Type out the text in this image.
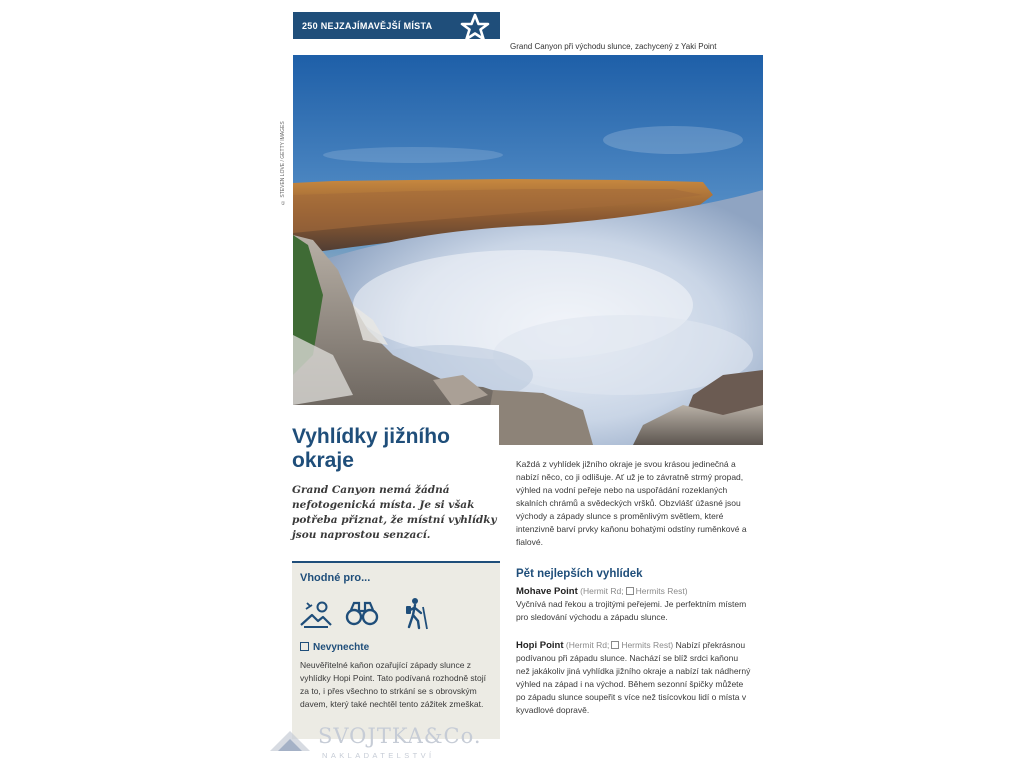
250 NEJZAJÍMAVĚJŠÍ MÍSTA
Grand Canyon při východu slunce, zachycený z Yaki Point
© STEVEN LOVE / GETTY IMAGES
Vyhlídky jižního okraje
Grand Canyon nemá žádná nefotogenická místa. Je si však potřeba přiznat, že místní vyhlídky jsou naprostou senzací.
Vhodné pro...
Nevynechte
Neuvěřitelné kaňon ozařující západy slunce z vyhlídky Hopi Point. Tato podívaná rozhodně stojí za to, i přes všechno to strkání se s obrovským davem, který také nechtěl tento zážitek zmeškat.
Každá z vyhlídek jižního okraje je svou krásou jedinečná a nabízí něco, co ji odlišuje. Ať už je to závratně strmý propad, výhled na vodní peřeje nebo na uspořádání rozeklaných skalních chrámů a svědeckých vršků. Obzvlášť úžasné jsou východy a západy slunce s proměnlivým světlem, které intenzivně barví prvky kaňonu bohatými odstíny ruměnkové a fialové.
Pět nejlepších vyhlídek
Mohave Point (Hermit Rd; Hermits Rest)
Vyčnívá nad řekou a trojitými peřejemi. Je perfektním místem pro sledování východu a západu slunce.
Hopi Point (Hermit Rd; Hermits Rest) Nabízí překrásnou podívanou při západu slunce. Nachází se blíž srdci kaňonu než jakákoliv jiná vyhlídka jižního okraje a nabízí tak nádherný výhled na západ i na východ. Během sezonní špičky můžete po západu slunce soupeřit s více než tisícovkou lidí o místa v kyvadlové dopravě.
SVOJTKA&Co.
NAKLADATELSTVÍ
